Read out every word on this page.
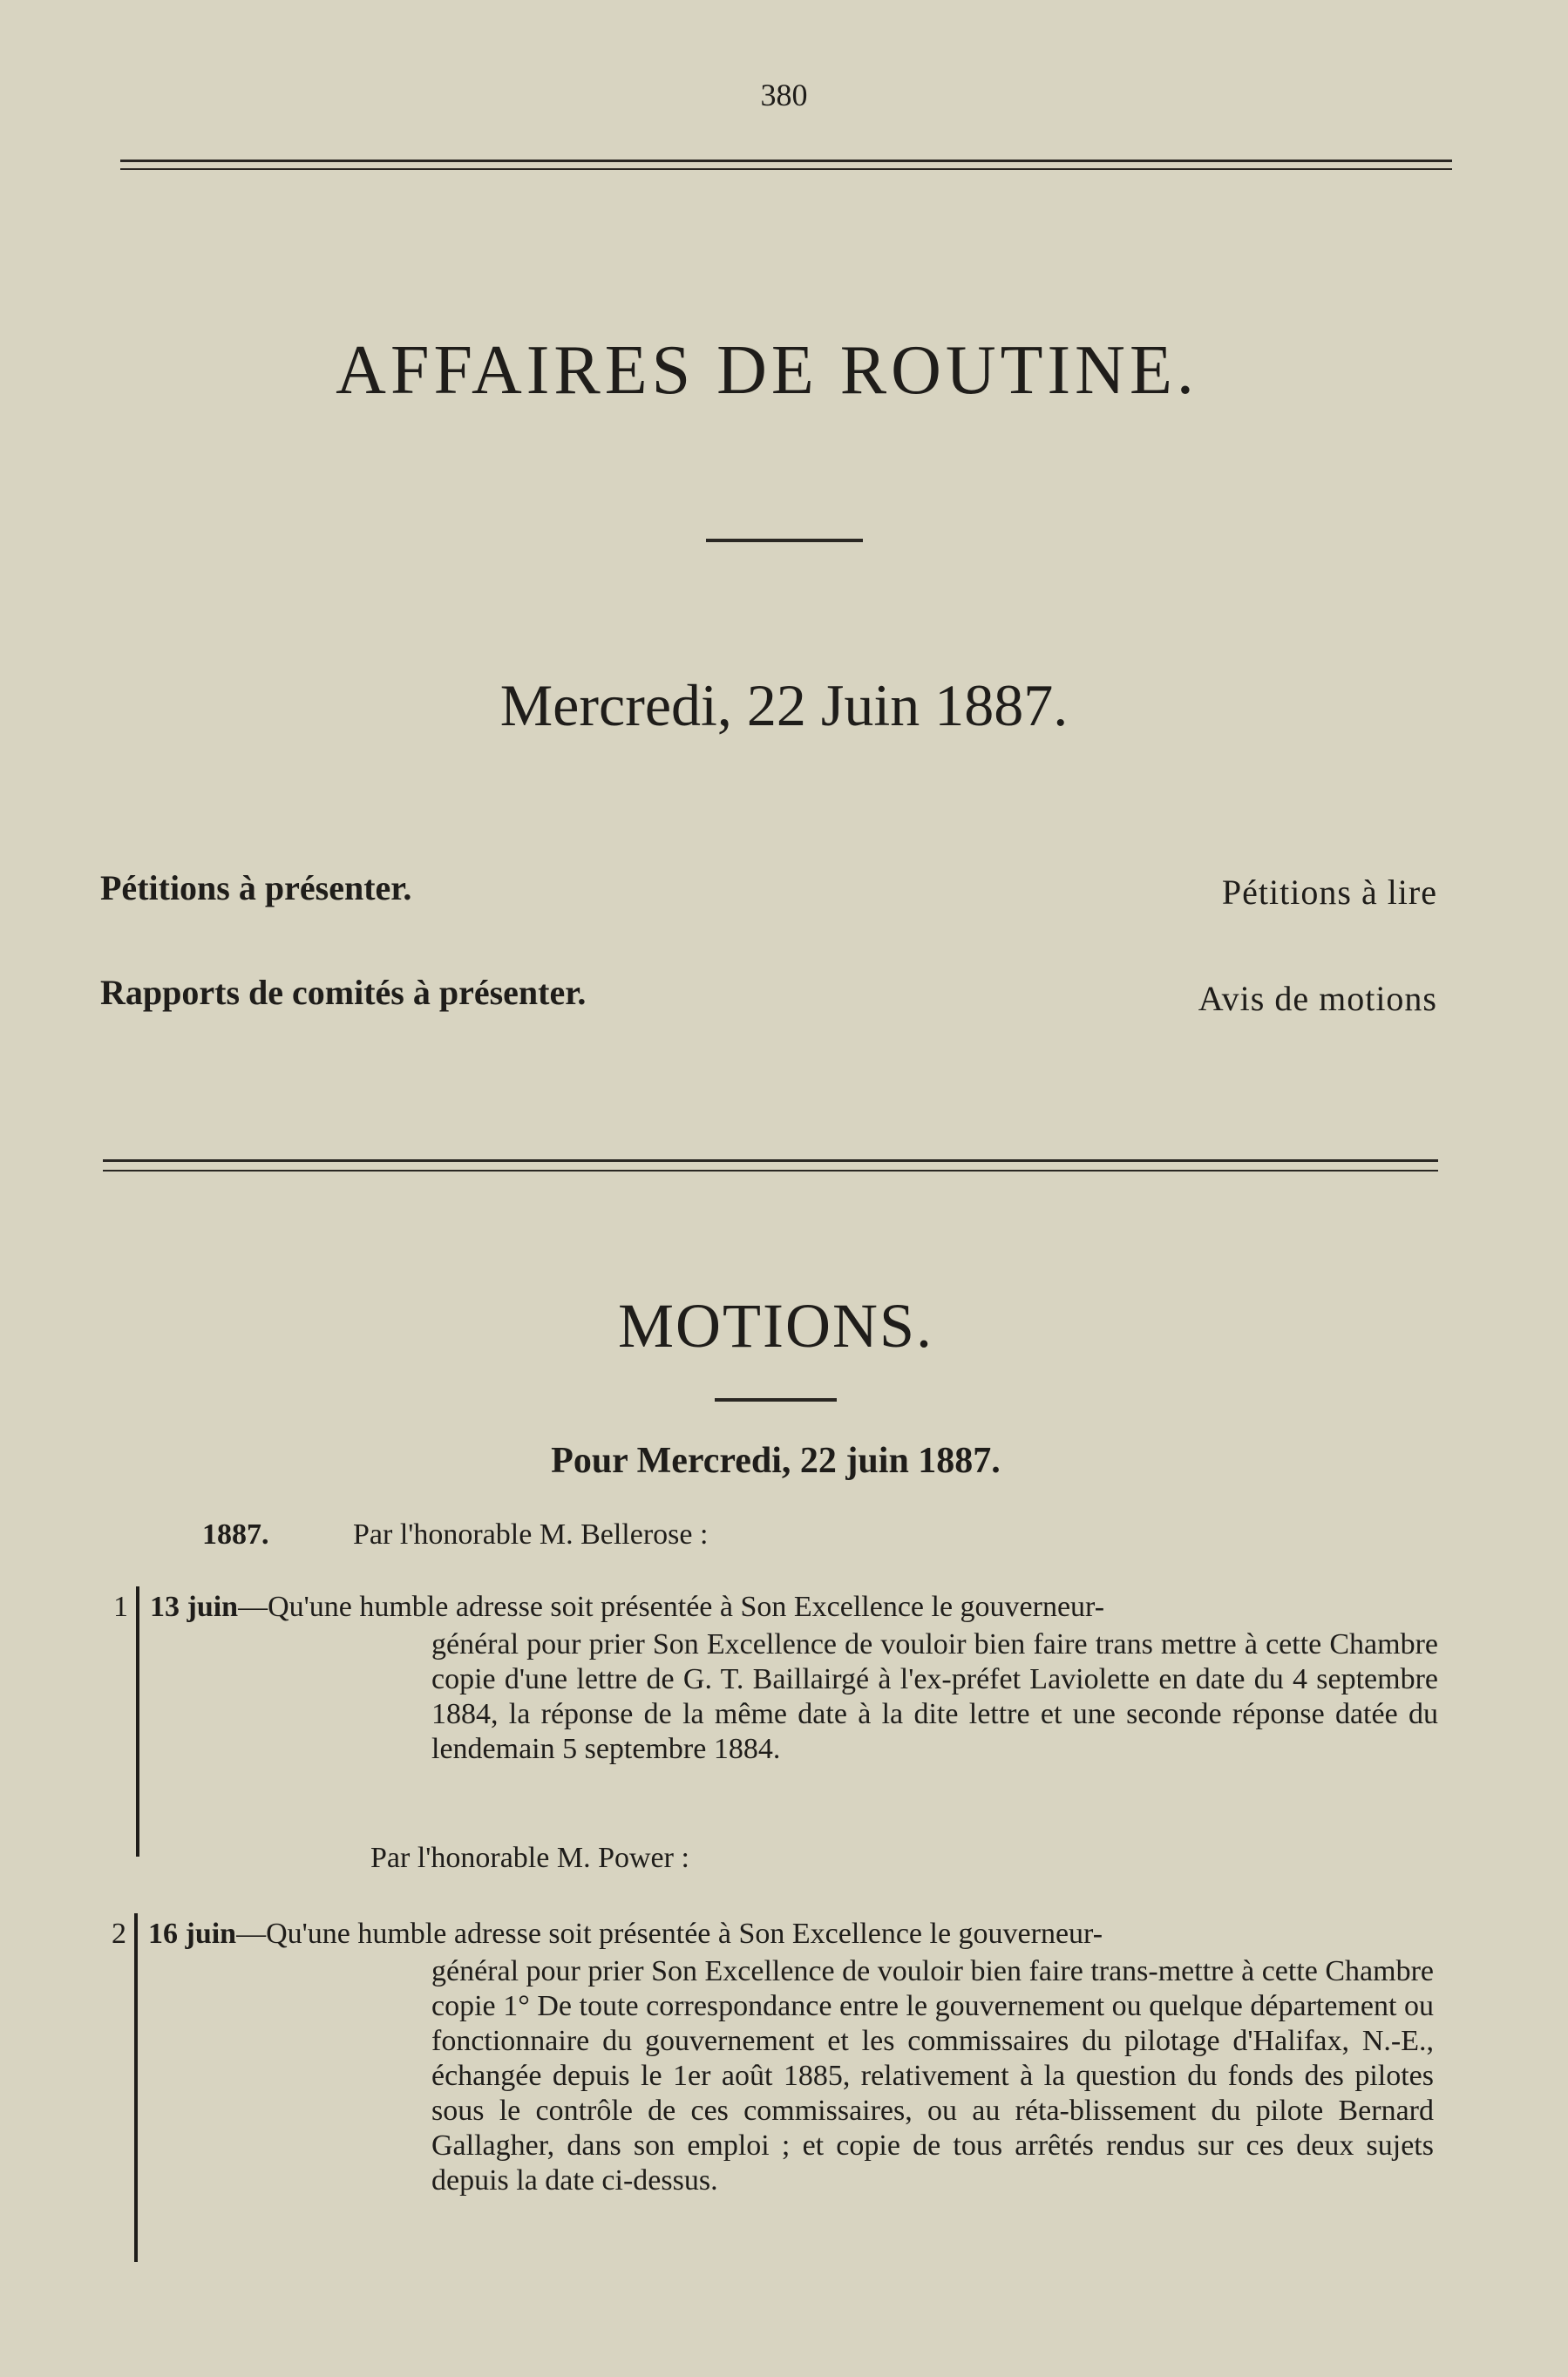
380
AFFAIRES DE ROUTINE.
Mercredi, 22 Juin 1887.
Pétitions à présenter.	Pétitions à lire
Rapports de comités à présenter.	Avis de motions
MOTIONS.
Pour Mercredi, 22 juin 1887.
1887.	Par l'honorable M. Bellerose :
1 13 juin—Qu'une humble adresse soit présentée à Son Excellence le gouverneur-
général pour prier Son Excellence de vouloir bien faire trans mettre à cette Chambre copie d'une lettre de G. T. Baillairgé à l'ex-préfet Laviolette en date du 4 septembre 1884, la réponse de la même date à la dite lettre et une seconde réponse datée du lendemain 5 septembre 1884.
Par l'honorable M. Power :
2 16 juin—Qu'une humble adresse soit présentée à Son Excellence le gouverneur-
général pour prier Son Excellence de vouloir bien faire trans-mettre à cette Chambre copie 1° De toute correspondance entre le gouvernement ou quelque département ou fonctionnaire du gouvernement et les commissaires du pilotage d'Halifax, N.-E., échangée depuis le 1er août 1885, relativement à la question du fonds des pilotes sous le contrôle de ces commissaires, ou au réta-blissement du pilote Bernard Gallagher, dans son emploi ; et copie de tous arrêtés rendus sur ces deux sujets depuis la date ci-dessus.
